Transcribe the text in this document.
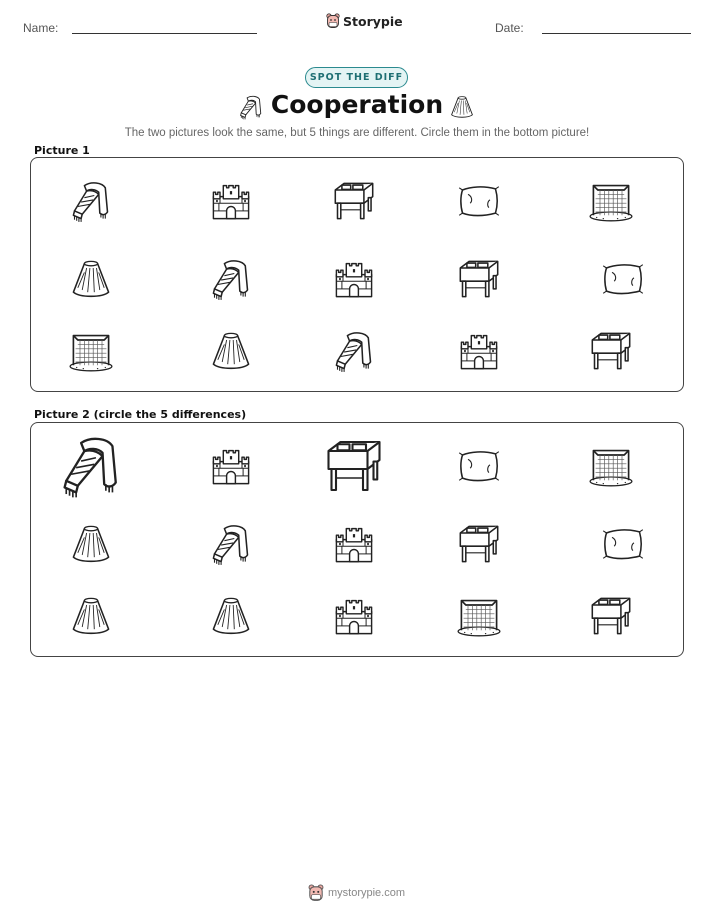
Name:	Storypie	Date:
SPOT THE DIFF
Cooperation
The two pictures look the same, but 5 things are different. Circle them in the bottom picture!
Picture 1
Picture 2 (circle the 5 differences)
mystorypie.com
